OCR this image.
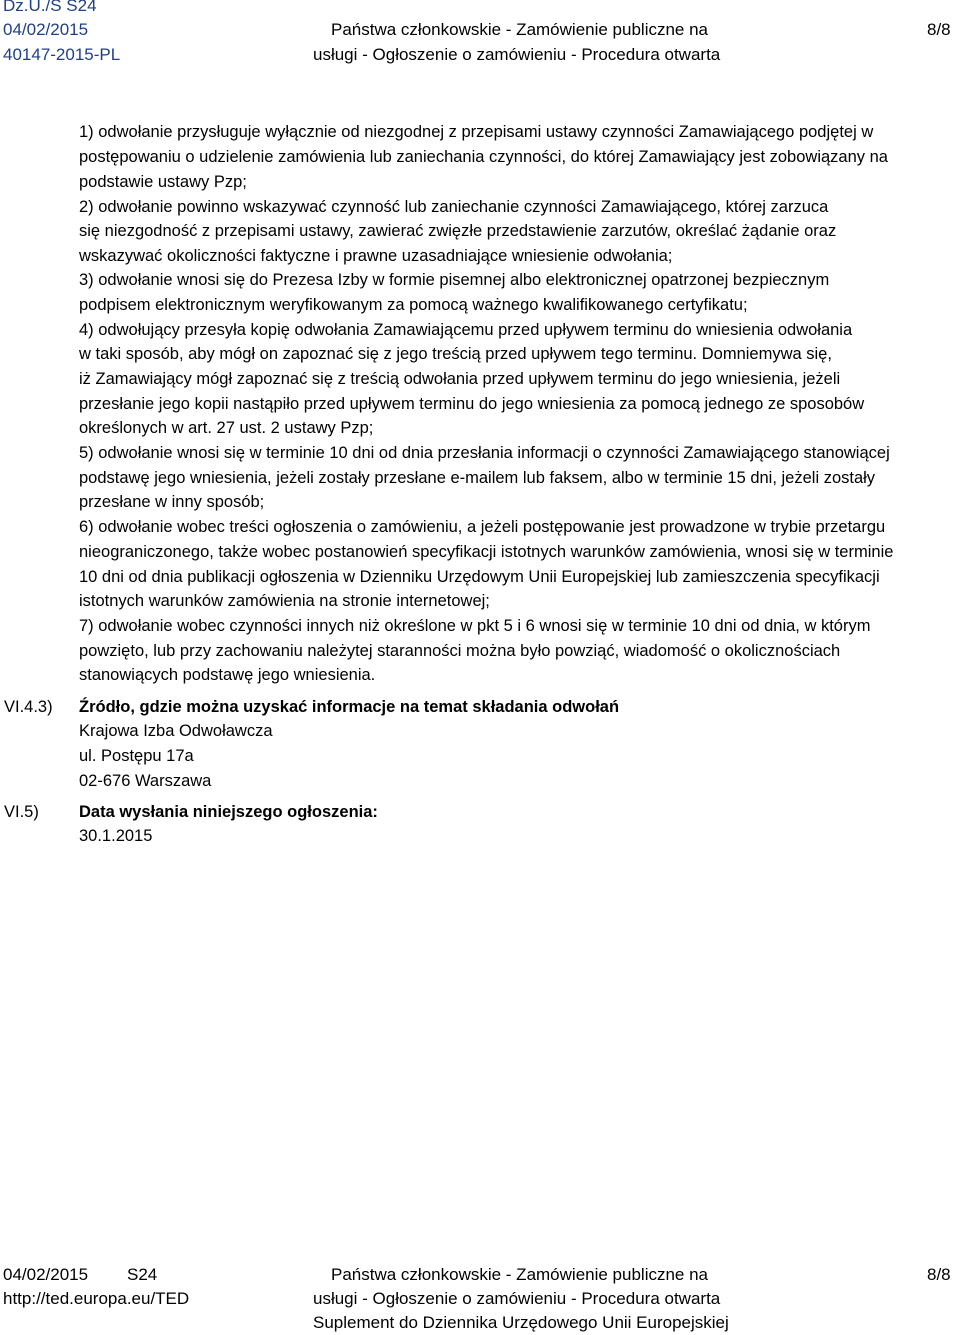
Dz.U./S S24
04/02/2015
40147-2015-PL
Państwa członkowskie - Zamówienie publiczne na
usługi - Ogłoszenie o zamówieniu - Procedura otwarta
8/8
1) odwołanie przysługuje wyłącznie od niezgodnej z przepisami ustawy czynności Zamawiającego podjętej w
postępowaniu o udzielenie zamówienia lub zaniechania czynności, do której Zamawiający jest zobowiązany na
podstawie ustawy Pzp;
2) odwołanie powinno wskazywać czynność lub zaniechanie czynności Zamawiającego, której zarzuca
się niezgodność z przepisami ustawy, zawierać zwięzłe przedstawienie zarzutów, określać żądanie oraz
wskazywać okoliczności faktyczne i prawne uzasadniające wniesienie odwołania;
3) odwołanie wnosi się do Prezesa Izby w formie pisemnej albo elektronicznej opatrzonej bezpiecznym
podpisem elektronicznym weryfikowanym za pomocą ważnego kwalifikowanego certyfikatu;
4) odwołujący przesyła kopię odwołania Zamawiającemu przed upływem terminu do wniesienia odwołania
w taki sposób, aby mógł on zapoznać się z jego treścią przed upływem tego terminu. Domniemywa się,
iż Zamawiający mógł zapoznać się z treścią odwołania przed upływem terminu do jego wniesienia, jeżeli
przesłanie jego kopii nastąpiło przed upływem terminu do jego wniesienia za pomocą jednego ze sposobów
określonych w art. 27 ust. 2 ustawy Pzp;
5) odwołanie wnosi się w terminie 10 dni od dnia przesłania informacji o czynności Zamawiającego stanowiącej
podstawę jego wniesienia, jeżeli zostały przesłane e-mailem lub faksem, albo w terminie 15 dni, jeżeli zostały
przesłane w inny sposób;
6) odwołanie wobec treści ogłoszenia o zamówieniu, a jeżeli postępowanie jest prowadzone w trybie przetargu
nieograniczonego, także wobec postanowień specyfikacji istotnych warunków zamówienia, wnosi się w terminie
10 dni od dnia publikacji ogłoszenia w Dzienniku Urzędowym Unii Europejskiej lub zamieszczenia specyfikacji
istotnych warunków zamówienia na stronie internetowej;
7) odwołanie wobec czynności innych niż określone w pkt 5 i 6 wnosi się w terminie 10 dni od dnia, w którym
powzięto, lub przy zachowaniu należytej staranności można było powziąć, wiadomość o okolicznościach
stanowiących podstawę jego wniesienia.
VI.4.3) Źródło, gdzie można uzyskać informacje na temat składania odwołań
Krajowa Izba Odwoławcza
ul. Postępu 17a
02-676 Warszawa
VI.5) Data wysłania niniejszego ogłoszenia:
30.1.2015
04/02/2015 S24
http://ted.europa.eu/TED
Państwa członkowskie - Zamówienie publiczne na
usługi - Ogłoszenie o zamówieniu - Procedura otwarta
Suplement do Dziennika Urzędowego Unii Europejskiej
8/8
